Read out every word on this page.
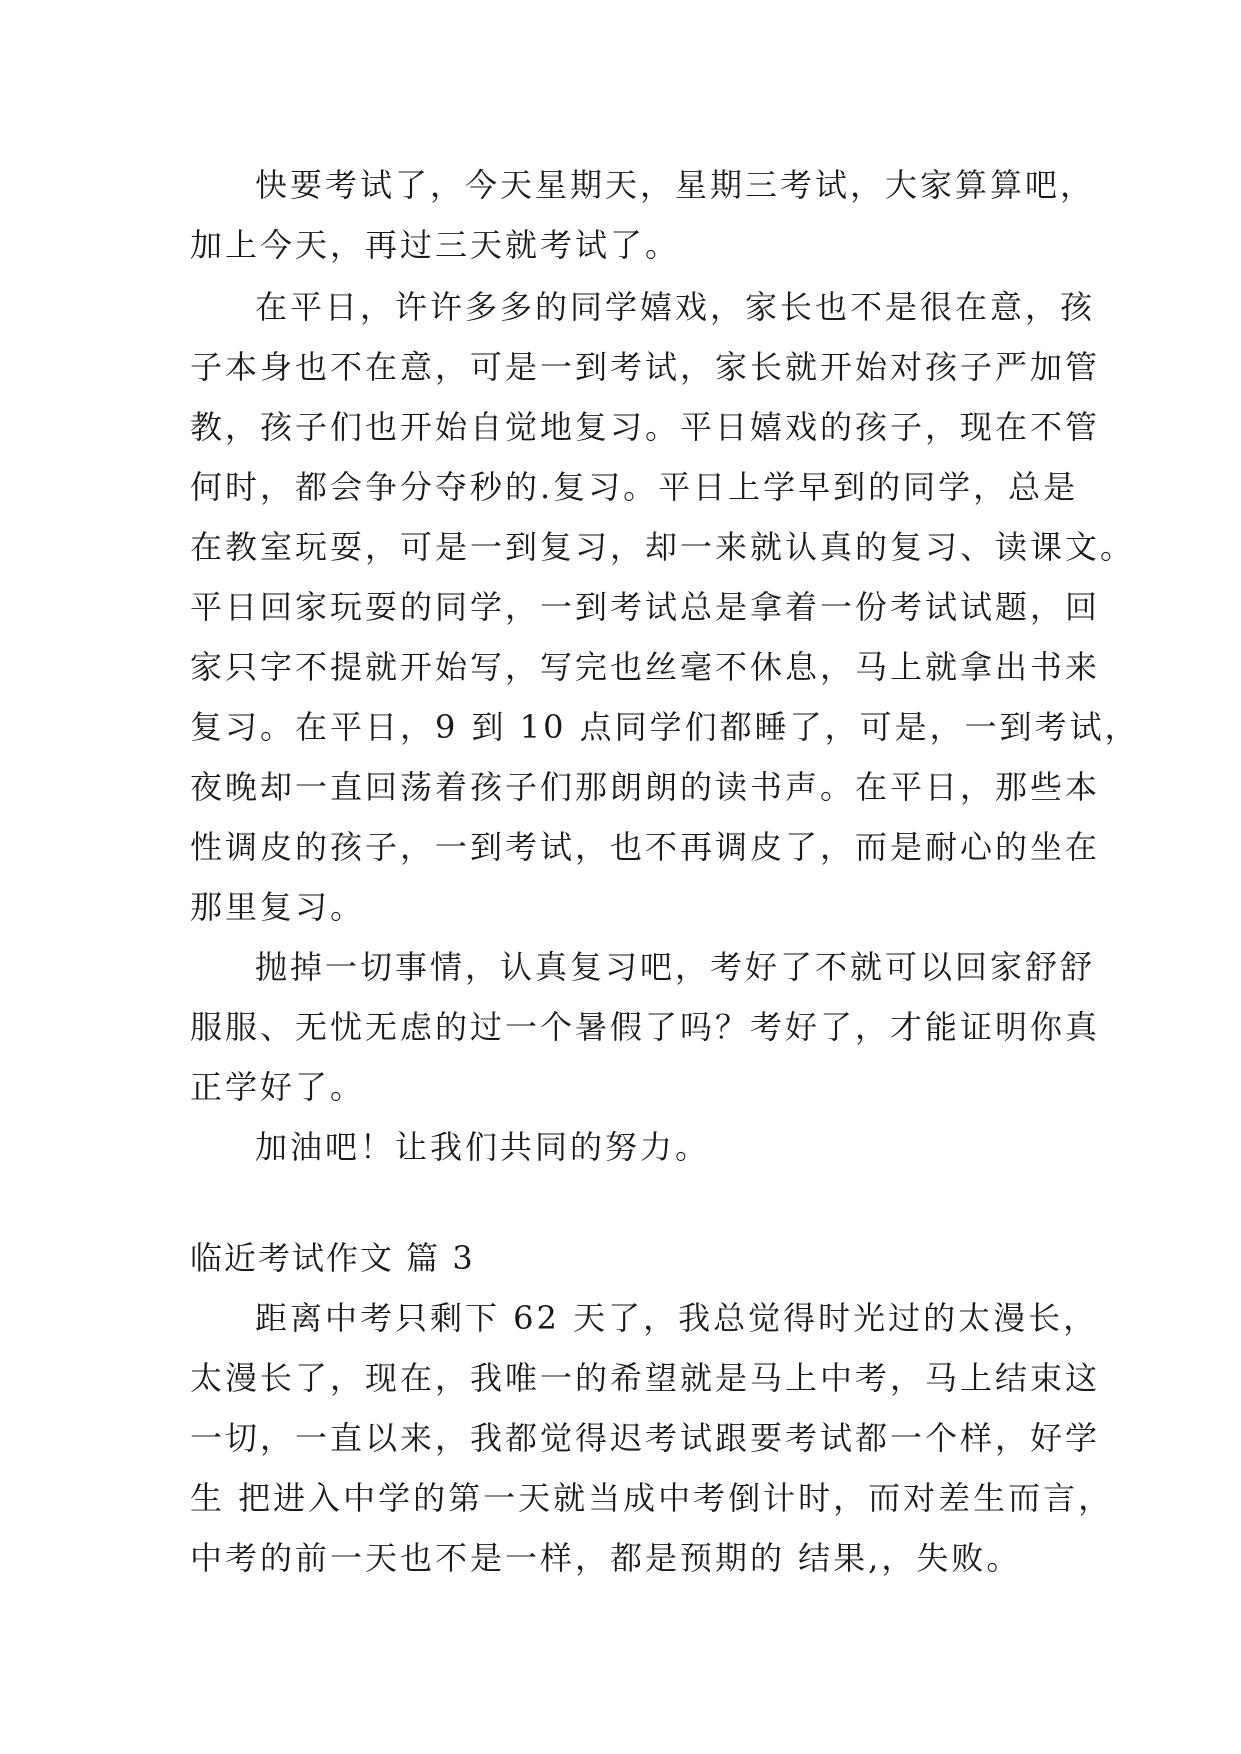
快要考试了，今天星期天，星期三考试，大家算算吧，
加上今天，再过三天就考试了。
在平日，许许多多的同学嬉戏，家长也不是很在意，孩
子本身也不在意，可是一到考试，家长就开始对孩子严加管
教，孩子们也开始自觉地复习。平日嬉戏的孩子，现在不管
何时，都会争分夺秒的.复习。平日上学早到的同学，总是
在教室玩耍，可是一到复习，却一来就认真的复习、读课文。
平日回家玩耍的同学，一到考试总是拿着一份考试试题，回
家只字不提就开始写，写完也丝毫不休息，马上就拿出书来
复习。在平日，9 到 10 点同学们都睡了，可是，一到考试，
夜晚却一直回荡着孩子们那朗朗的读书声。在平日，那些本
性调皮的孩子，一到考试，也不再调皮了，而是耐心的坐在
那里复习。
抛掉一切事情，认真复习吧，考好了不就可以回家舒舒
服服、无忧无虑的过一个暑假了吗？考好了，才能证明你真
正学好了。
加油吧！让我们共同的努力。
临近考试作文 篇 3
距离中考只剩下 62 天了，我总觉得时光过的太漫长，
太漫长了，现在，我唯一的希望就是马上中考，马上结束这
一切，一直以来，我都觉得迟考试跟要考试都一个样，好学
生 把进入中学的第一天就当成中考倒计时，而对差生而言，
中考的前一天也不是一样，都是预期的 结果,，失败。
